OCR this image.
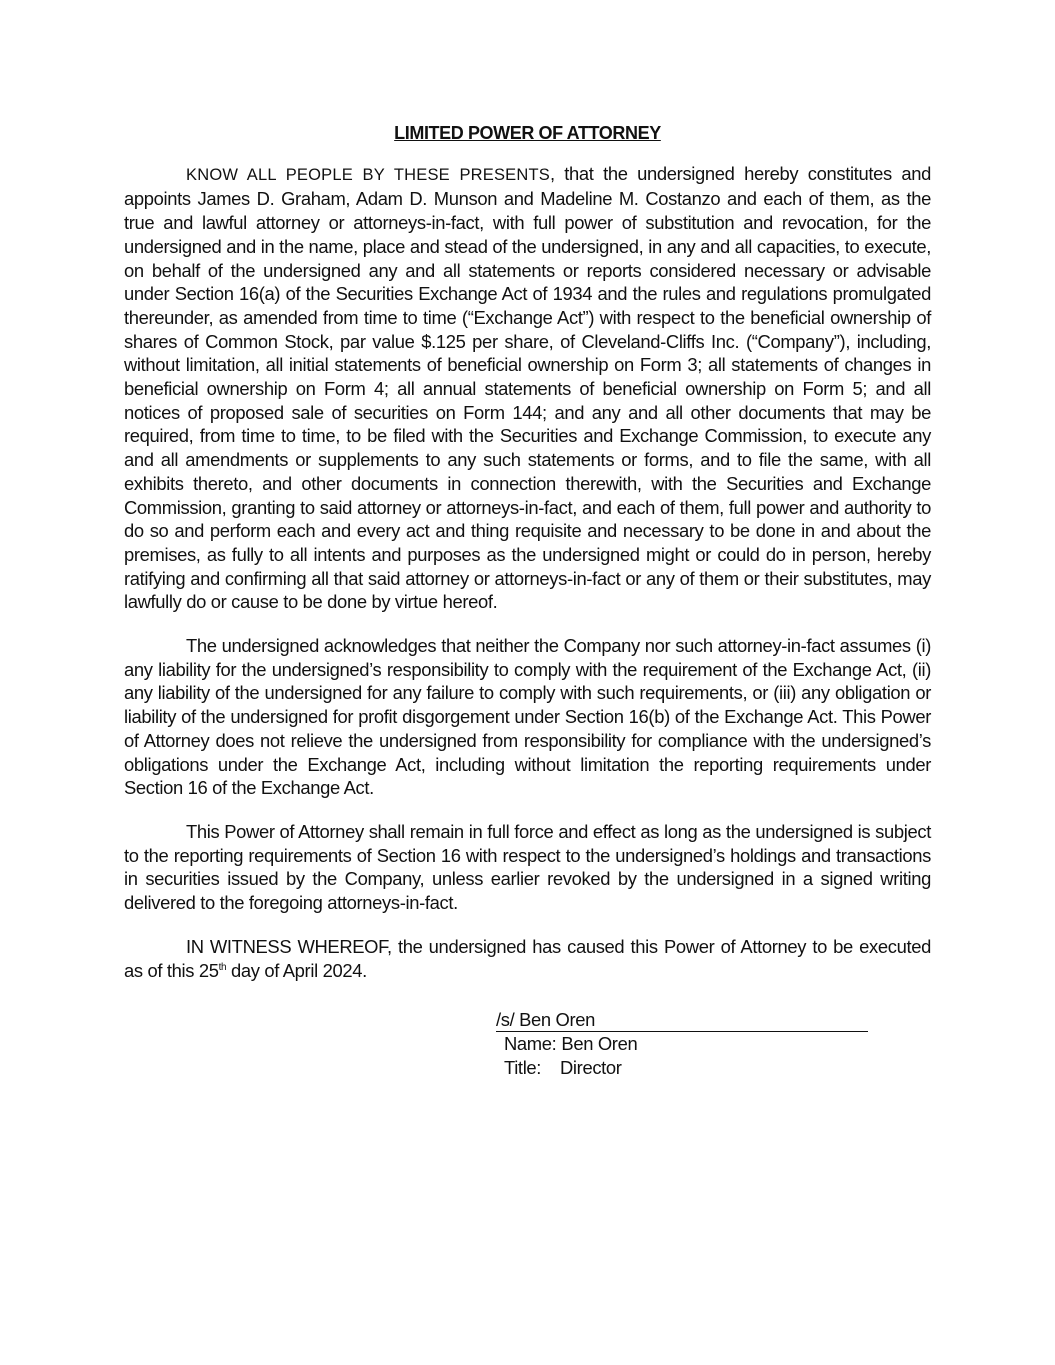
LIMITED POWER OF ATTORNEY

KNOW ALL PEOPLE BY THESE PRESENTS, that the undersigned hereby constitutes and appoints James D. Graham, Adam D. Munson and Madeline M. Costanzo and each of them, as the true and lawful attorney or attorneys-in-fact, with full power of substitution and revocation, for the undersigned and in the name, place and stead of the undersigned, in any and all capacities, to execute, on behalf of the undersigned any and all statements or reports considered necessary or advisable under Section 16(a) of the Securities Exchange Act of 1934 and the rules and regulations promulgated thereunder, as amended from time to time (“Exchange Act”) with respect to the beneficial ownership of shares of Common Stock, par value $.125 per share, of Cleveland-Cliffs Inc. (“Company”), including, without limitation, all initial statements of beneficial ownership on Form 3; all statements of changes in beneficial ownership on Form 4; all annual statements of beneficial ownership on Form 5; and all notices of proposed sale of securities on Form 144; and any and all other documents that may be required, from time to time, to be filed with the Securities and Exchange Commission, to execute any and all amendments or supplements to any such statements or forms, and to file the same, with all exhibits thereto, and other documents in connection therewith, with the Securities and Exchange Commission, granting to said attorney or attorneys-in-fact, and each of them, full power and authority to do so and perform each and every act and thing requisite and necessary to be done in and about the premises, as fully to all intents and purposes as the undersigned might or could do in person, hereby ratifying and confirming all that said attorney or attorneys-in-fact or any of them or their substitutes, may lawfully do or cause to be done by virtue hereof.

The undersigned acknowledges that neither the Company nor such attorney-in-fact assumes (i) any liability for the undersigned’s responsibility to comply with the requirement of the Exchange Act, (ii) any liability of the undersigned for any failure to comply with such requirements, or (iii) any obligation or liability of the undersigned for profit disgorgement under Section 16(b) of the Exchange Act. This Power of Attorney does not relieve the undersigned from responsibility for compliance with the undersigned’s obligations under the Exchange Act, including without limitation the reporting requirements under Section 16 of the Exchange Act.

This Power of Attorney shall remain in full force and effect as long as the undersigned is subject to the reporting requirements of Section 16 with respect to the undersigned’s holdings and transactions in securities issued by the Company, unless earlier revoked by the undersigned in a signed writing delivered to the foregoing attorneys-in-fact.

IN WITNESS WHEREOF, the undersigned has caused this Power of Attorney to be executed as of this 25th day of April 2024.

/s/ Ben Oren
Name: Ben Oren
Title: Director
